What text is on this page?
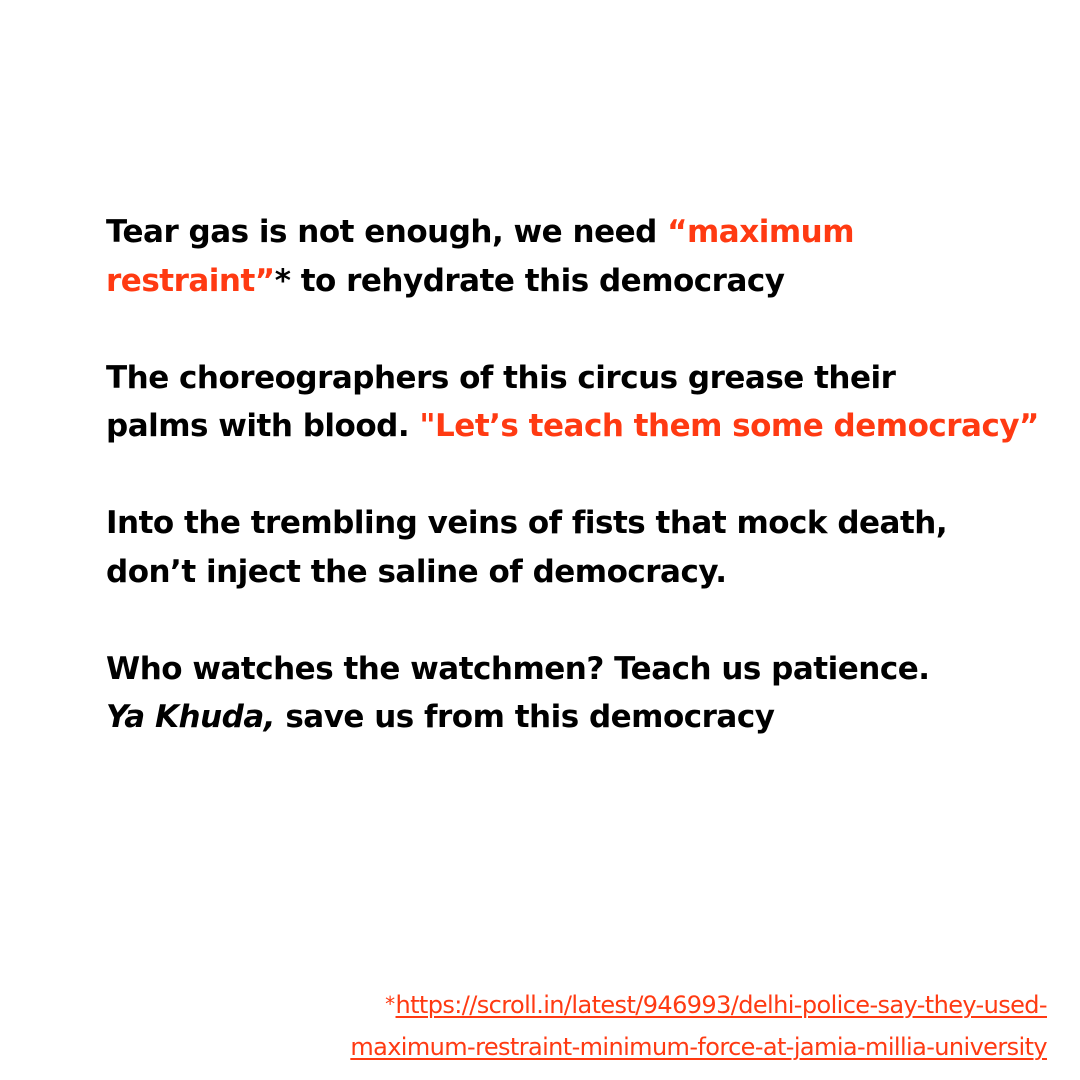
Tear gas is not enough, we need “maximum
restraint”* to rehydrate this democracy
The choreographers of this circus grease their
palms with blood. "Let’s teach them some democracy”
Into the trembling veins of fists that mock death,
don’t inject the saline of democracy.
Who watches the watchmen? Teach us patience.
Ya Khuda, save us from this democracy
*https://scroll.in/latest/946993/delhi-police-say-they-used-
maximum-restraint-minimum-force-at-jamia-millia-university
